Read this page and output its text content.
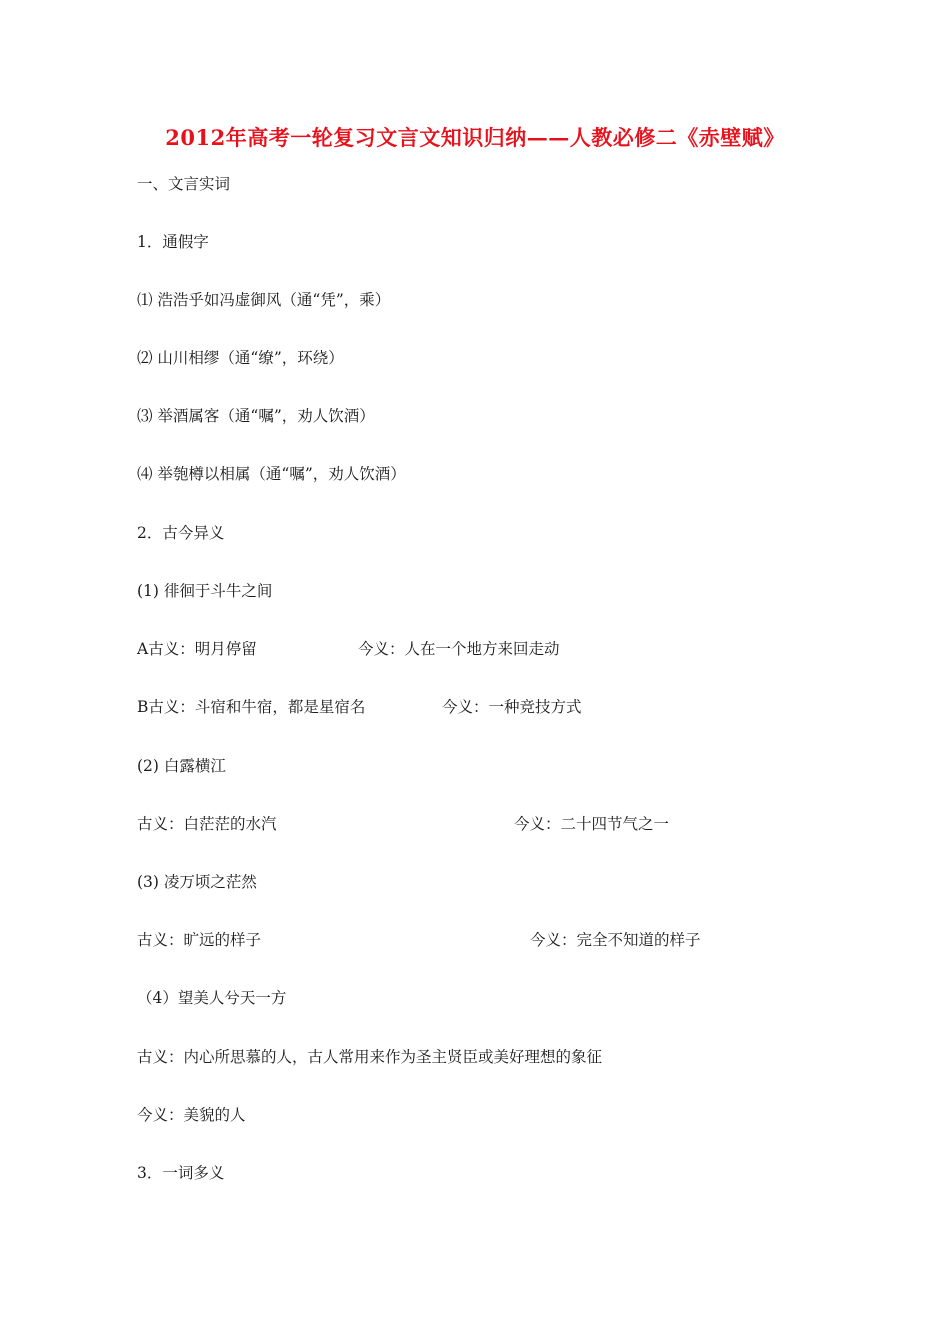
2012年高考一轮复习文言文知识归纳——人教必修二《赤壁赋》
一、文言实词
1．通假字
⑴ 浩浩乎如冯虚御风（通“凭”，乘）
⑵ 山川相缪（通“缭”，环绕）
⑶ 举酒属客（通“嘱”，劝人饮酒）
⑷ 举匏樽以相属（通“嘱”，劝人饮酒）
2．古今异义
(1) 徘徊于斗牛之间
A古义：明月停留	今义：人在一个地方来回走动
B古义：斗宿和牛宿，都是星宿名	今义：一种竞技方式
(2) 白露横江
古义：白茫茫的水汽	今义：二十四节气之一
(3) 凌万顷之茫然
古义：旷远的样子	今义：完全不知道的样子
（4）望美人兮天一方
古义：内心所思慕的人，古人常用来作为圣主贤臣或美好理想的象征
今义：美貌的人
3．一词多义
